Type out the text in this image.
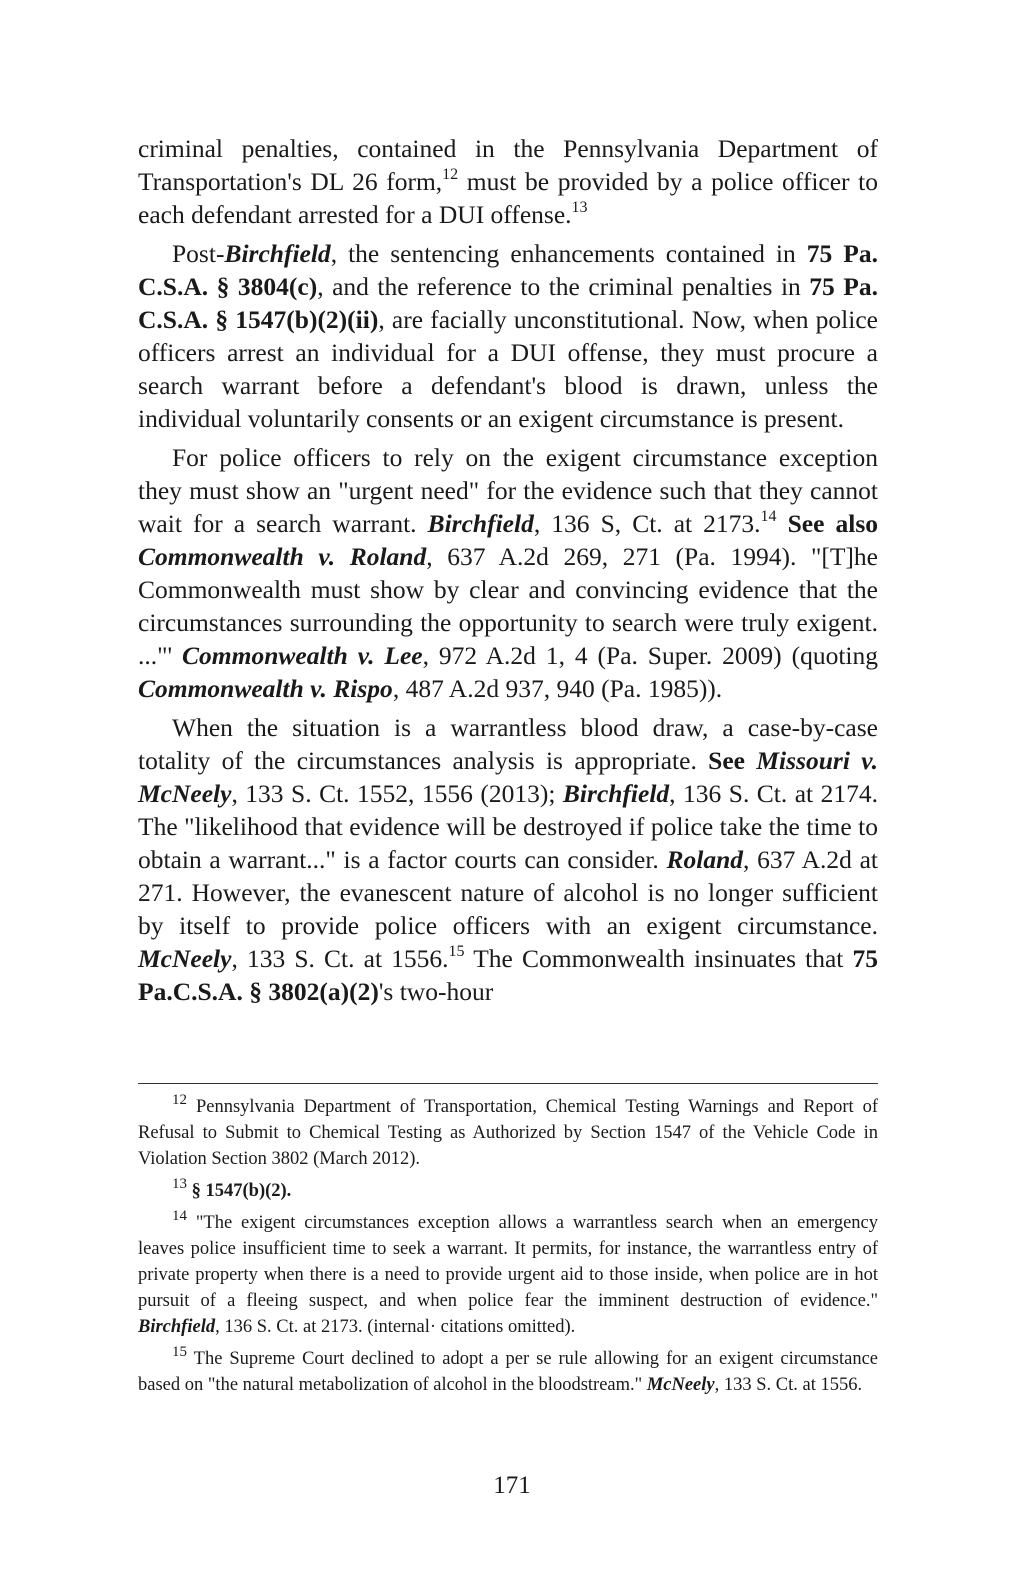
criminal penalties, contained in the Pennsylvania Department of Transportation's DL 26 form,$^{12}$ must be provided by a police officer to each defendant arrested for a DUI offense.$^{13}$

Post-Birchfield, the sentencing enhancements contained in 75 Pa. C.S.A. § 3804(c), and the reference to the criminal penalties in 75 Pa. C.S.A. § 1547(b)(2)(ii), are facially unconstitutional. Now, when police officers arrest an individual for a DUI offense, they must procure a search warrant before a defendant's blood is drawn, unless the individual voluntarily consents or an exigent circumstance is present.

For police officers to rely on the exigent circumstance exception they must show an "urgent need" for the evidence such that they cannot wait for a search warrant. Birchfield, 136 S, Ct. at 2173.14 See also Commonwealth v. Roland, 637 A.2d 269, 271 (Pa. 1994). "[T]he Commonwealth must show by clear and convincing evidence that the circumstances surrounding the opportunity to search were truly exigent. ..."' Commonwealth v. Lee, 972 A.2d 1, 4 (Pa. Super. 2009) (quoting Commonwealth v. Rispo, 487 A.2d 937, 940 (Pa. 1985)).

When the situation is a warrantless blood draw, a case-by-case totality of the circumstances analysis is appropriate. See Missouri v. McNeely, 133 S. Ct. 1552, 1556 (2013); Birchfield, 136 S. Ct. at 2174. The "likelihood that evidence will be destroyed if police take the time to obtain a warrant..." is a factor courts can consider. Roland, 637 A.2d at 271. However, the evanescent nature of alcohol is no longer sufficient by itself to provide police officers with an exigent circumstance. McNeely, 133 S. Ct. at 1556.15 The Commonwealth insinuates that 75 Pa.C.S.A. § 3802(a)(2)'s two-hour

$^{12}$ Pennsylvania Department of Transportation, Chemical Testing Warnings and Report of Refusal to Submit to Chemical Testing as Authorized by Section 1547 of the Vehicle Code in Violation Section 3802 (March 2012).

$^{13}$ § 1547(b)(2).

$^{14}$ "The exigent circumstances exception allows a warrantless search when an emergency leaves police insufficient time to seek a warrant. It permits, for instance, the warrantless entry of private property when there is a need to provide urgent aid to those inside, when police are in hot pursuit of a fleeing suspect, and when police fear the imminent destruction of evidence." Birchfield, 136 S. Ct. at 2173. (internal· citations omitted).

$^{15}$ The Supreme Court declined to adopt a per se rule allowing for an exigent circumstance based on "the natural metabolization of alcohol in the bloodstream." McNeely, 133 S. Ct. at 1556.

171
